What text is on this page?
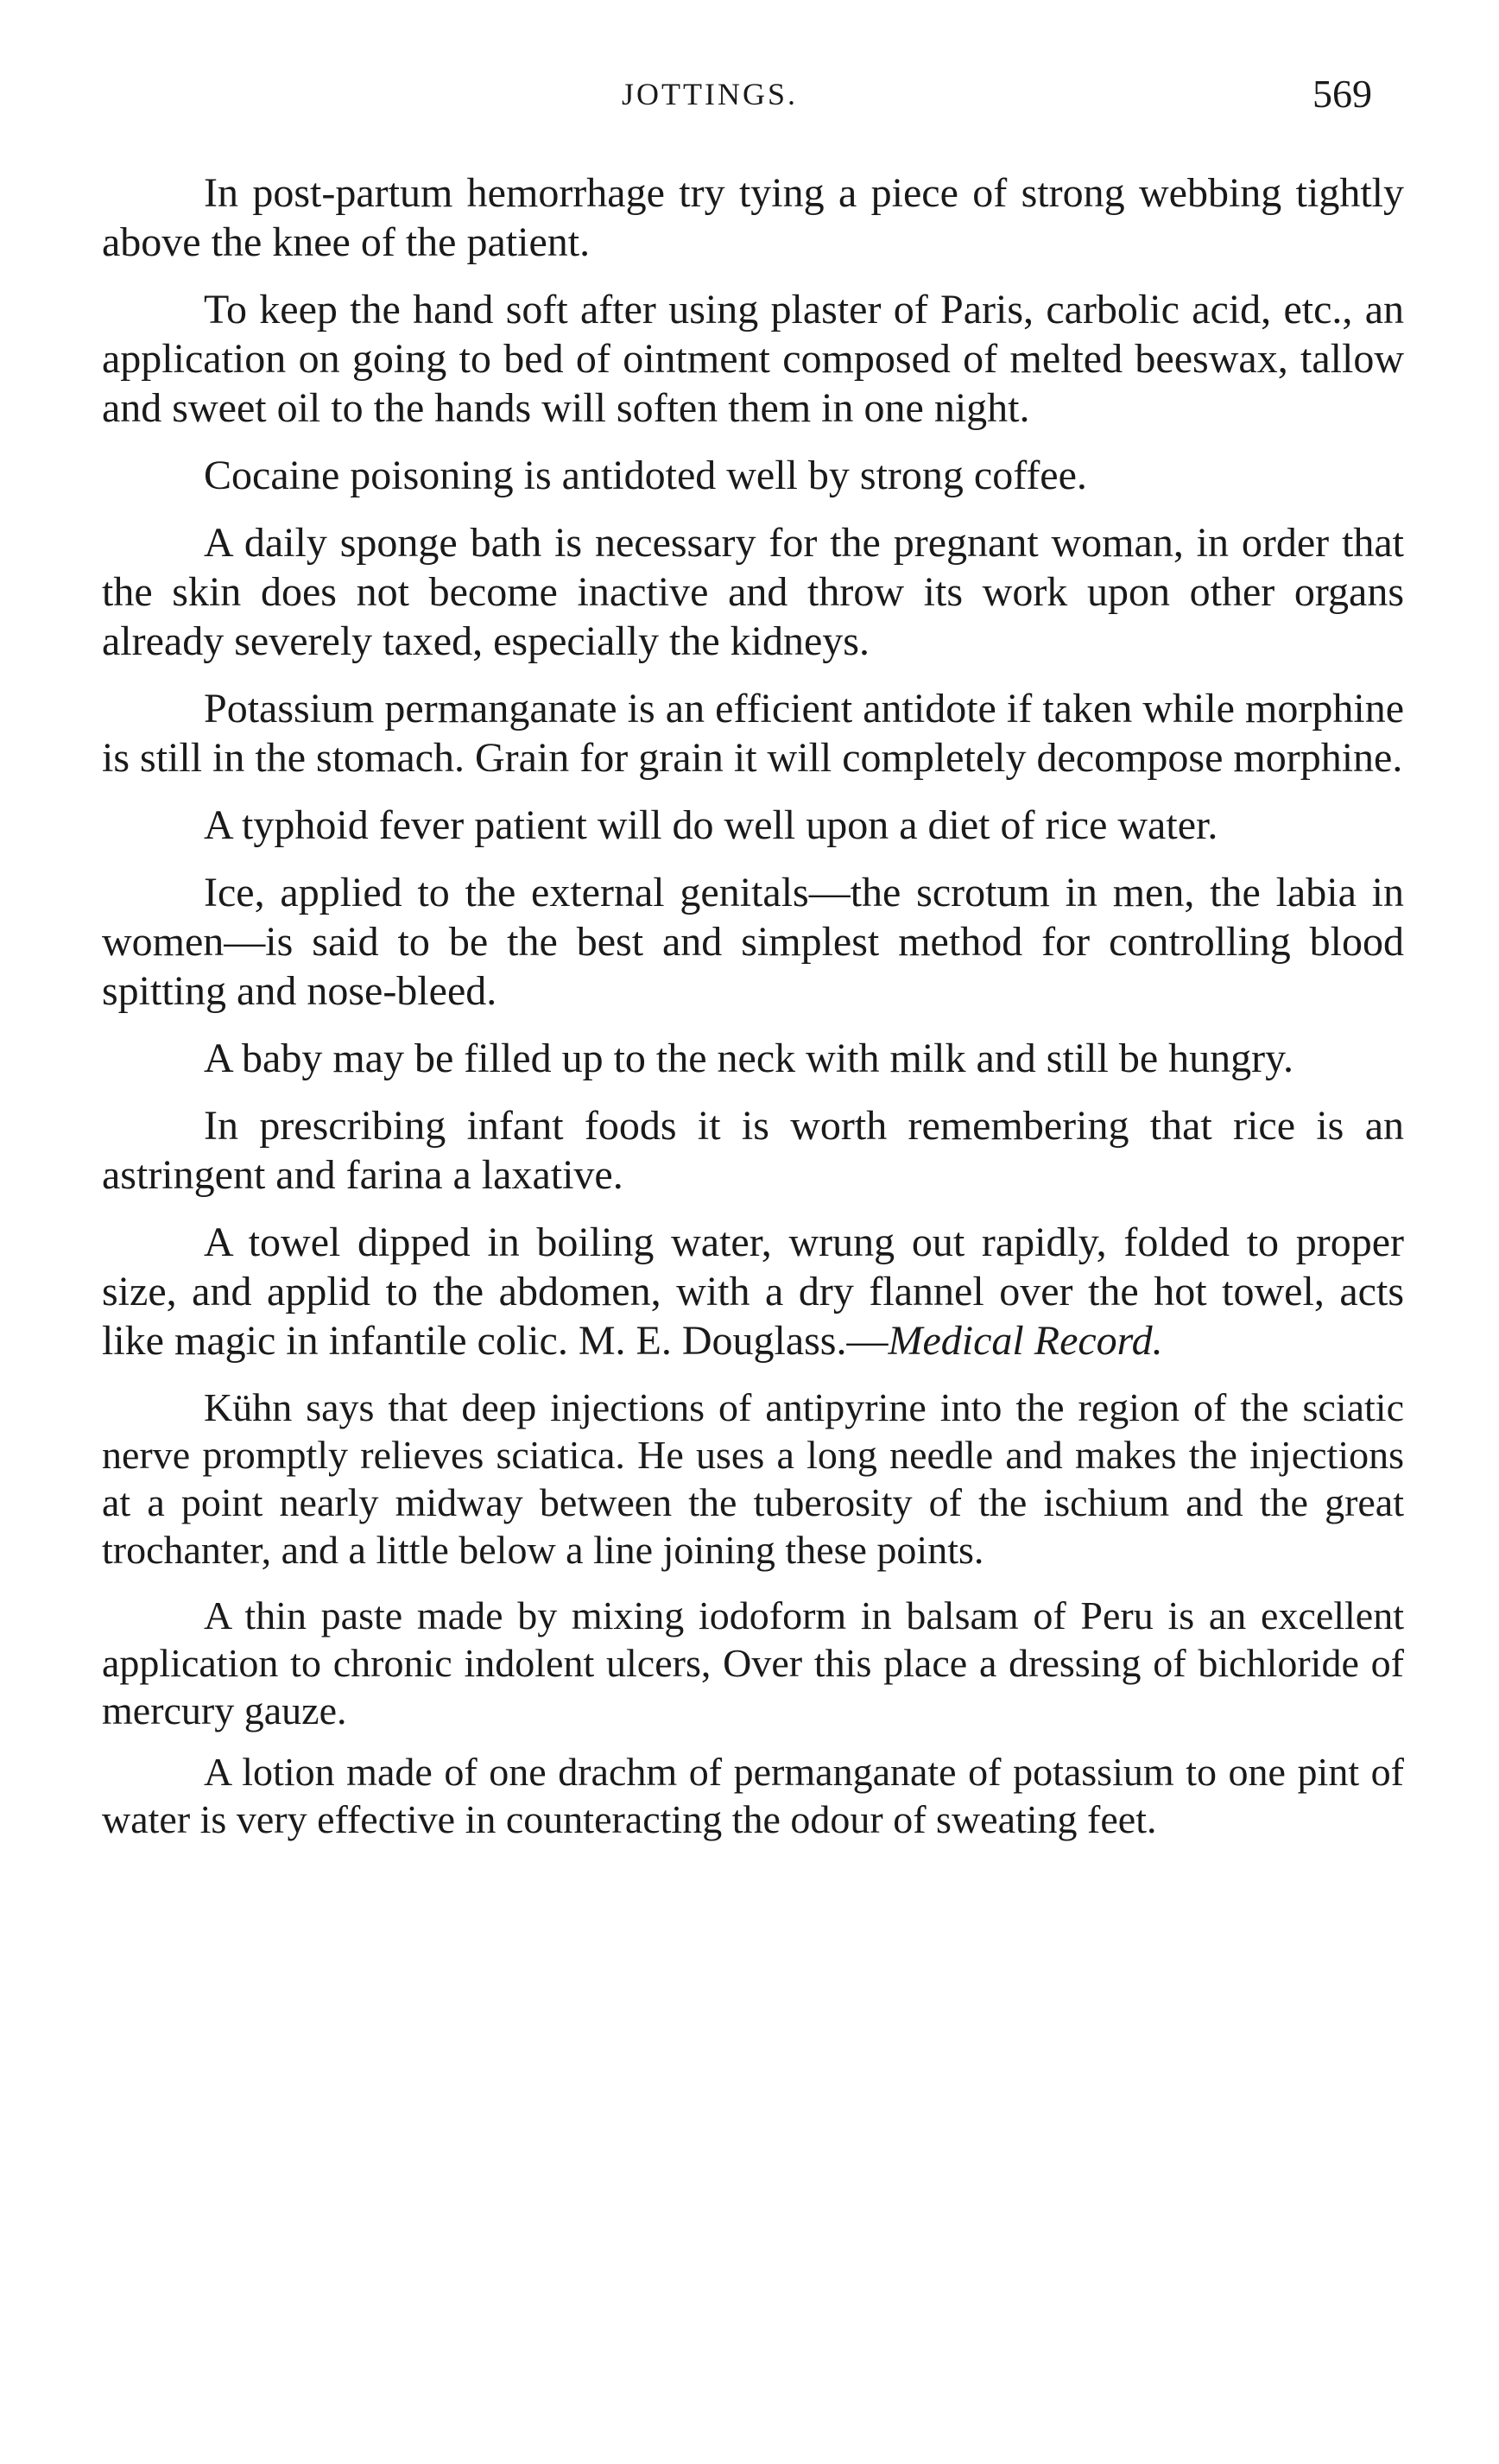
JOTTINGS.	569

In post-partum hemorrhage try tying a piece of strong webbing tightly above the knee of the patient.

To keep the hand soft after using plaster of Paris, carbolic acid, etc., an application on going to bed of ointment composed of melted beeswax, tallow and sweet oil to the hands will soften them in one night.

Cocaine poisoning is antidoted well by strong coffee.

A daily sponge bath is necessary for the pregnant woman, in order that the skin does not become inactive and throw its work upon other organs already severely taxed, especially the kidneys.

Potassium permanganate is an efficient antidote if taken while morphine is still in the stomach. Grain for grain it will completely decompose morphine.

A typhoid fever patient will do well upon a diet of rice water.

Ice, applied to the external genitals—the scrotum in men, the labia in women—is said to be the best and simplest method for controlling blood spitting and nose-bleed.

A baby may be filled up to the neck with milk and still be hungry.

In prescribing infant foods it is worth remembering that rice is an astringent and farina a laxative.

A towel dipped in boiling water, wrung out rapidly, folded to proper size, and applid to the abdomen, with a dry flannel over the hot towel, acts like magic in infantile colic. M. E. Douglass.—Medical Record.

Kühn says that deep injections of antipyrine into the region of the sciatic nerve promptly relieves sciatica. He uses a long needle and makes the injections at a point nearly midway between the tuberosity of the ischium and the great trochanter, and a little below a line joining these points.

A thin paste made by mixing iodoform in balsam of Peru is an excellent application to chronic indolent ulcers, Over this place a dressing of bichloride of mercury gauze.

A lotion made of one drachm of permanganate of potassium to one pint of water is very effective in counteracting the odour of sweating feet.
